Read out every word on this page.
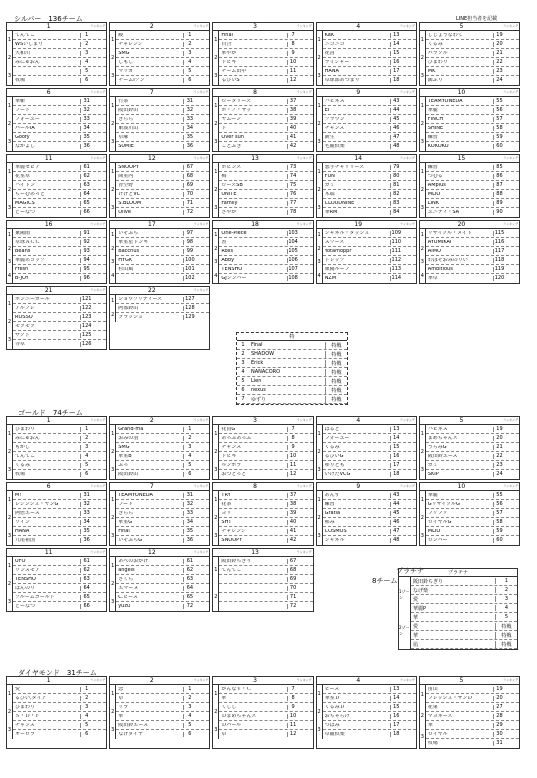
シルバー　136チーム	LINE担当者を記載
1	ランキング
1
2
3
てんてこ	1
WSいしまり	2
大和川	3
みにゅおん	4
5
牧場	6
2	ランキング
1
2
3
綾	1
チャレンジ	2
SMG	3
しもし	4
マリガ	5
チームIブン	6
3	ランキング
1
2
3
Final	7
百合	8
華やか	9
ドビキ	10
チーム田中	11
るびいS	12
4	ランキング
1
2
3
KaK	13
ニコニコ	14
花菖	15
ライジャー	16
HANA	17
卓球部あつまり	18
5	ランキング
1
2
3
しじょうなわて	19
くるみ	20
パラソル	21
ひまわり	22
MK	23
満ぶり	24
6	ランキング
1
2
3
華斬	31
フード	32
フォーユー	33
パールIA	34
Goofy	35
なかよし	36
7	ランキング
1
2
3
竹茶	31
阪田鈴山	32
きらら	33
東湊川山	34
卓麻	35
SUMIE	36
8	ランキング
1
2
3
ロータリーズ	37
ホ・ノ・サッ	38
ヤムーン	39
ド	40
Over sun	41
ことぶき	42
9	ランキング
1
2
3
ハピネス	43
EI	44
ブラウン	45
チャンス	46
新生	47
宅麗倶楽	48
10	ランキング
1
2
3
TEAMYONEDA	55
華麗	56
FINCH	57
SHINE	58
練習	59
KOKOKO	60
11	ランキング
1
2
3
華麗セピア	61
花室卓	62
ハイトン	63
ちーむあっと	64
MAGICS	65
どーなつ	66
12	ランキング
1
2
3
SNOOPY	67
間室内	68
青空野	69
けげとVC	70
S.BLOOM	71
Olive	72
13	ランキング
1
2
3
ボビンズ	73
梅	74
ローズSB	75
UNITE	76
Family	77
さやか	78
14	ランキング
1
2
3
悪字チャリリーズ	79
FUN	80
ガミ	81
木端	82
CLOUDNINE	83
華RM	84
15	ランキング
1
2
3
練習	85
つむる	86
AMplus	87
MLIO	88
LINK	89
ユニティ・SA	90
16	ランキング
1
2
3
4
東陽雨	91
卓球ＡＣＣ	92
Beans	93
華麗あコップ	94
Fresh	95
B-JOY	96
17	ランキング
1
2
3
4
いそぶち	97
華室星ドンキ	98
Bacchus	99
HYGK	100
杉山風	101
102
18	ランキング
1
2
3
4
One-Piece	103
香	104
Roxs	105
Abby	106
TENSHO	107
GJシンバー	108
19	ランキング
1
2
3
4
シャネル・ダッシュ	109
スワーズ	110
Yotamoppr	111
トレップ	112
東陽ルーフ	113
NZM	114
20	ランキング
1
2
3
4
リサイクル・メイト	115
AYUMIKAI	116
AIMO	117
わはそおみのりい	118
Ambitious	119
華卓	120
21	ランキング
1
2
3
ボンニーガール	121
アルフレ	122
ROSSO	123
モグモグ	124
サクト	125
寺卓	126
22	ランキング
1
2
ショウブリティーズ	127
阿部鈴山	128
グラッシュ	129
特
1	Final	特戦
2	SHADOW	特戦
3	Erick	特戦
4	NANACORO	特戦
5	Lien	特戦
6	nexus	特戦
7	ゆずり	特戦
ゴールド　74チーム
1	ランキング
1
2
3
ひまわり	1
みにゅおん	2
もかし	3
てんてこ	4
くるみ	5
牧場	6
2	ランキング
1
2
3
Grand-ma	1
おみの羽	2
SMG	3
華室B	4
ぶっ	5
阪田鈴山	6
3	ランキング
1
2
3
花菖G	7
あっぷあっぷ	8
チャンス	9
ドビキ	10
ルンポラ	11
おつとっと	12
4	ランキング
1
2
3
ぱると	13
フォーユー	14
くるみ	15
るびいG	16
ゆりとも	17
いけたVCG	18
5	ランキング
1
2
3
ハピネス	19
まめちゃんズ	20
うらみG	21
阪田鈴エース	22
ガミ	23
SKIP	24
6	ランキング
1
2
3
M!	31
レジンシュ・ヤンG	32
阿倍エース	33
ワイン	34
HANA	35
九尾祖国	36
7	ランキング
1
2
3
TEAMYONEDA	31
フード	32
きらら	33
華室G	34
Final	35
いそぶちG	36
8	ランキング
1
2
3
TRY	37
花茶	38
ヨリ	39
SHT	40
チャレンジ	41
SNOOPY	42
9	ランキング
1
2
3
あんず	43
練習	44
Gratia	45
和み	46
COSMOS	47
シャネル	48
10	ランキング
1
2
3
華麗	55
GリサイクルG	56
フリフリ	57
ロイヤルG	58
MLIO	59
ロンバー	60
11	ランキング
1
2
3
UFO	61
ワンスモア	62
TENSHO	63
ほんのり	64
ブルームゴールド	65
どーなつ	66
12	ランキング
1
2
3
あべのおかげ	61
angels	62
さくら	63
エマーヌ	64
C.ビース	65
yuzu	72
13	ランキング
1
2
阪田鈴ちぎり	67
てんてこ	68
69
70
71
72
プラチナ
8チーム
プラチナ
1ゾーン
2ゾーン
阪田鈴ちぎり	1
なげ楽	2
愛	3
華麗P	4
華	5
愛	特戦
華	特戦
凪	特戦
ダイヤモンド　31チーム
1	ランキング
1
2
3
愛	1
るびい,ダイア	2
ひまわり	3
Ｓ・Ｄ・Ｆ	4
チャンス	5
オーロラ	6
2	ランキング
1
2
3
恋	1
卓	2
リラ	3
華	4
阪田鈴エース	5
なげダイヤ	6
3	ランキング
1
2
3
かんなＶ・Ｃ	7
華	8
くしし	9
Ｄまめちゃんズ	10
Ｄパール	11
卓	12
4	ランキング
1
2
3
ピース	13
華室Ｄ	14
くるみＤ	15
おちゃらけ	16
つばみ	17
卓麗倶楽	18
5	ランキング
1
2
3
宙山	19
フレッシュ・サンＤ	20
花束	27
マヨネーズ	28
華	29
ロイヤル	30
牧場	31
